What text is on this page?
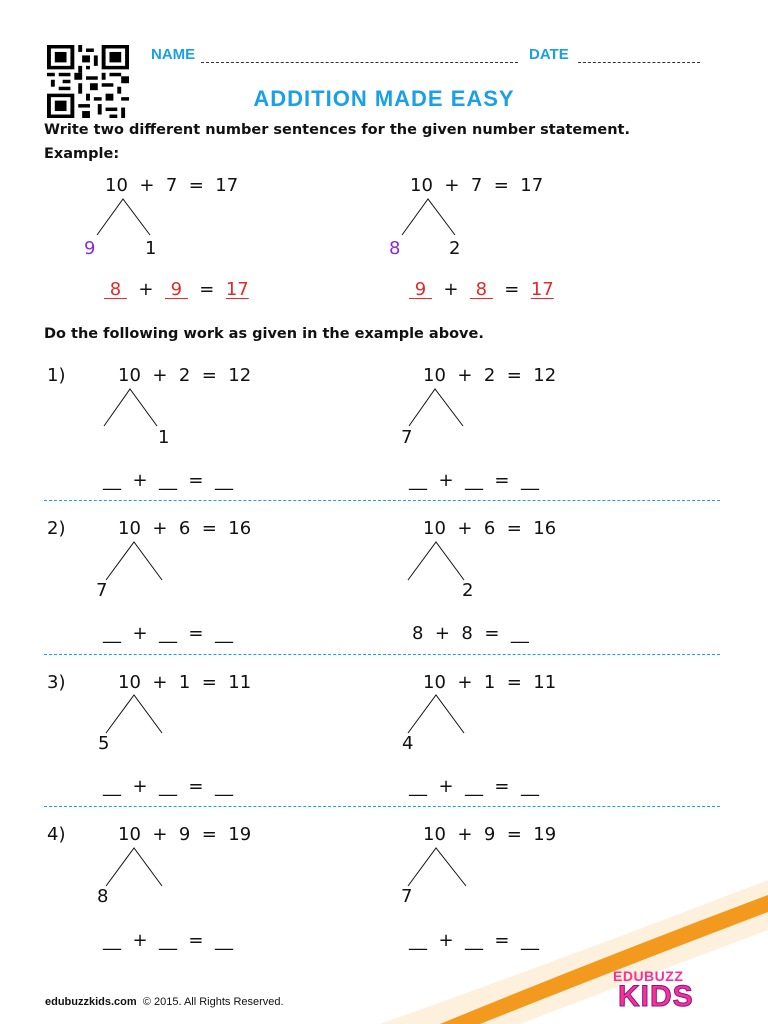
NAME	DATE
ADDITION MADE EASY
Write two different number sentences for the given number statement.
Example:
10  +  7  =  17
9	1
8 + 9 = 17
10  +  7  =  17
8	2
9 + 8 = 17
Do the following work as given in the example above.
1)	10  +  2  =  12
1
__  +  __  =  __
10  +  2  =  12
7
__  +  __  =  __
2)	10  +  6  =  16
7
__  +  __  =  __
10  +  6  =  16
2
8  +  8  =  __
3)	10  +  1  =  11
5
__  +  __  =  __
10  +  1  =  11
4
__  +  __  =  __
4)	10  +  9  =  19
8
__  +  __  =  __
10  +  9  =  19
7
__  +  __  =  __
EDUBUZZ
KIDS
edubuzzkids.com © 2015. All Rights Reserved.
